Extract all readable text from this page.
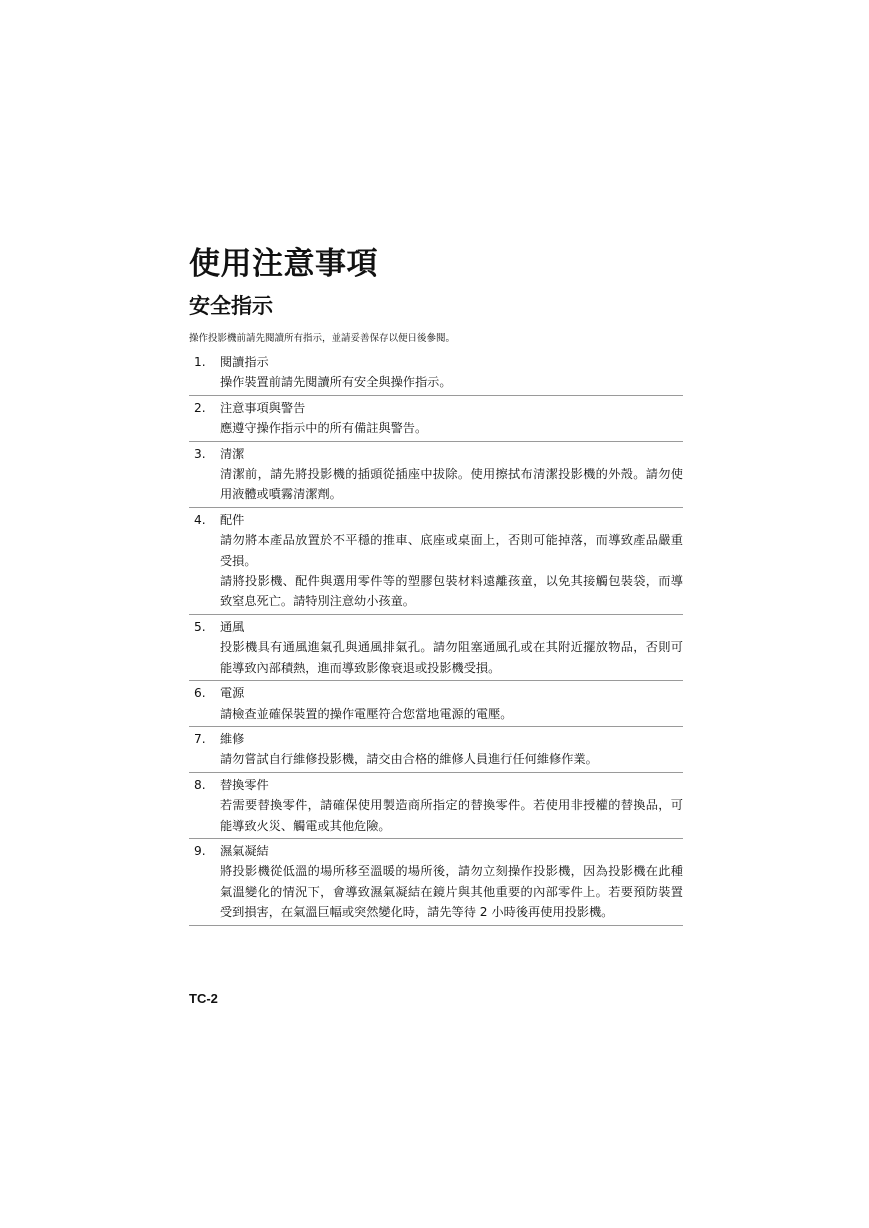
使用注意事項
安全指示

操作投影機前請先閱讀所有指示，並請妥善保存以便日後參閱。

1.	閱讀指示

操作裝置前請先閱讀所有安全與操作指示。

2.	注意事項與警告

應遵守操作指示中的所有備註與警告。

3.	清潔

清潔前，請先將投影機的插頭從插座中拔除。使用擦拭布清潔投影機的外殼。請勿使用液體或噴霧清潔劑。

4.	配件

請勿將本產品放置於不平穩的推車、底座或桌面上，否則可能掉落，而導致產品嚴重受損。

請將投影機、配件與選用零件等的塑膠包裝材料遠離孩童，以免其接觸包裝袋，而導致窒息死亡。請特別注意幼小孩童。

5.	通風

投影機具有通風進氣孔與通風排氣孔。請勿阻塞通風孔或在其附近擺放物品，否則可能導致內部積熱，進而導致影像衰退或投影機受損。

6.	電源

請檢查並確保裝置的操作電壓符合您當地電源的電壓。

7.	維修

請勿嘗試自行維修投影機，請交由合格的維修人員進行任何維修作業。

8.	替換零件

若需要替換零件，請確保使用製造商所指定的替換零件。若使用非授權的替換品，可能導致火災、觸電或其他危險。

9.	濕氣凝結

將投影機從低溫的場所移至溫暖的場所後，請勿立刻操作投影機，因為投影機在此種氣溫變化的情況下，會導致濕氣凝結在鏡片與其他重要的內部零件上。若要預防裝置受到損害，在氣溫巨幅或突然變化時，請先等待 2 小時後再使用投影機。

TC-2
